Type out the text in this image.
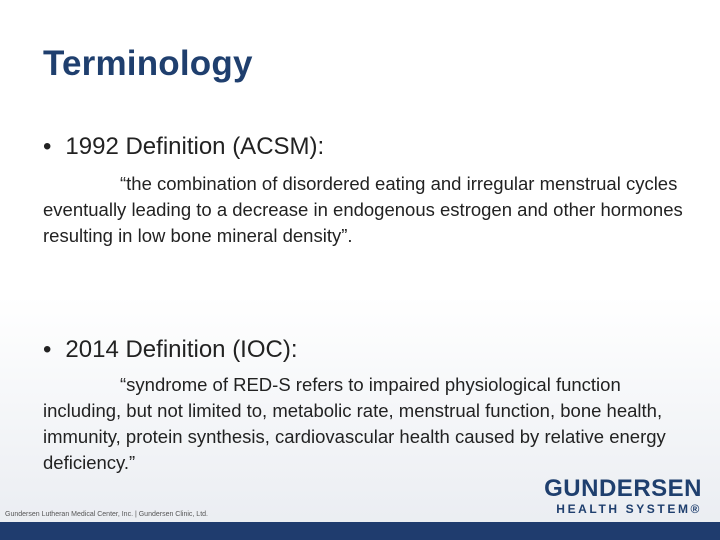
Terminology
• 1992 Definition (ACSM):
“the combination of disordered eating and irregular menstrual cycles eventually leading to a decrease in endogenous estrogen and other hormones resulting in low bone mineral density”.
• 2014 Definition (IOC):
“syndrome of RED-S refers to impaired physiological function including, but not limited to, metabolic rate, menstrual function, bone health, immunity, protein synthesis, cardiovascular health caused by relative energy deficiency.”
Gundersen Lutheran Medical Center, Inc. | Gundersen Clinic, Ltd.
GUNDERSEN
HEALTH SYSTEM®
